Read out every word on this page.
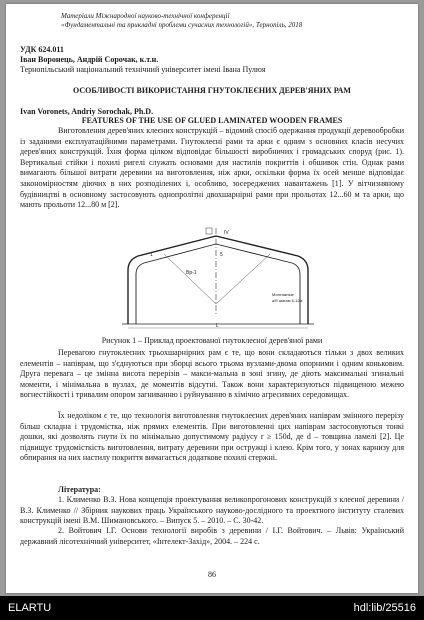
Матеріали Міжнародної науково-технічної конференції
«Фундаментальні та прикладні проблеми сучасних технологій», Тернопіль, 2018
УДК 624.011
Іван Воронець, Андрій Сорочак, к.т.н.
Тернопільський національний технічний університет імені Івана Пулюя
ОСОБЛИВОСТІ ВИКОРИСТАННЯ ГНУТОКЛЕЄНИХ ДЕРЕВ'ЯНИХ РАМ
Ivan Voronets, Andriy Sorochak, Ph.D.
FEATURES OF THE USE OF GLUED LAMINATED WOODEN FRAMES
Виготовлення дерев'яних клеєних конструкцій – відомий спосіб одержання продукції деревообробки із заданими експлуатаційними параметрами. Гнутоклеєні рами та арки є одним з основних класів несучих дерев'яних конструкцій. Їхня форма цілком відповідає більшості виробничих і громадських споруд (рис. 1). Вертикальні стійки і похилі ригелі служать основами для настилів покриттів і обшивок стін. Однак рами вимагають більшої витрати деревини на виготовлення, ніж арки, оскільки форма їх осей менше відповідає закономірностям діючих в них розподілених і, особливо, зосереджених навантажень [1]. У вітчизняному будівництві в основному застосовують однопролітні двохшарнірні рами при прольотах 12...60 м та арки, що мають прольоти 12...80 м [2].
IV
1	5
Bp-1
L
Монтажные
a/б шагам 6-12м
Рисунок 1 – Приклад проектованої гнутоклеєної дерев'яної рами
Перевагою гнутоклеєних трьохшарнірних рам є те, що вони складаються тільки з двох великих елементів – напіврам, що з'єднуються при зборці всього трьома вузлами-двома опорними і одним коньковим. Друга перевага – це змінна висота перерізів – макси-мальна в зоні згину, де діють максимальні згинальні моменти, і мінімальна в вузлах, де моментів відсутні. Також вони характеризуються підвищеною межею вогнестійкості і тривалим опором загниванню і руйнуванню в хімічно агресивних середовищах.
Їх недоліком є те, що технологія виготовлення гнутоклеєних дерев'яних напіврам змінного перерізу більш складна і трудомістка, ніж прямих елементів. При виготовленні цих напіврам застосовуються тонкі дошки, які дозволять гнути їх по мінімально допустимому радіусу r ≥ 150d, де d – товщина ламелі [2]. Це підвищує трудомісткість виготовлення, витрату деревини при остружці і клею. Крім того, у зонах карнизу для обпирання на них настилу покриття вимагається додаткове похилі стержні.
Література:
1. Клименко В.З. Нова концепція проектування великопрогонових конструкцій з клеєної деревини / В.З. Клименко // Збірник наукових праць Українського науково-дослідного та проектного інституту сталевих конструкцій імені В.М. Шимановського. – Випуск 5. – 2010. – С. 30-42.
2. Войтович І.Г. Основи технології виробів з деревини / І.Г. Войтович. – Львів: Український державний лісотехнічний університет, «Інтелект-Захід», 2004. – 224 с.
86
ELARTU	hdl:lib/25516
